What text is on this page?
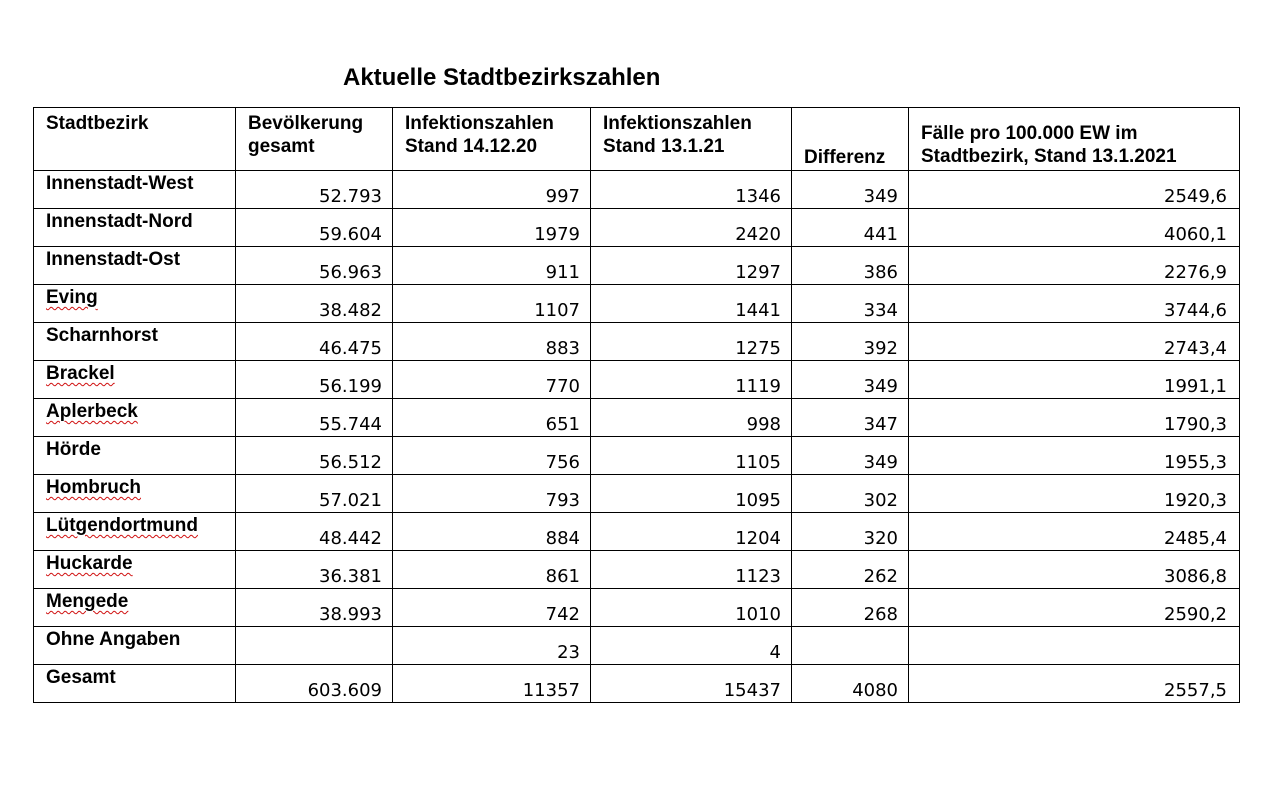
Aktuelle Stadtbezirkszahlen
Stadtbezirk	Bevölkerung gesamt	Infektionszahlen Stand 14.12.20	Infektionszahlen Stand 13.1.21	Differenz	Fälle pro 100.000 EW im Stadtbezirk, Stand 13.1.2021

Innenstadt-West	52.793	997	1346	349	2549,6

Innenstadt-Nord	59.604	1979	2420	441	4060,1

Innenstadt-Ost	56.963	911	1297	386	2276,9

Eving	38.482	1107	1441	334	3744,6

Scharnhorst	46.475	883	1275	392	2743,4

Brackel	56.199	770	1119	349	1991,1

Aplerbeck	55.744	651	998	347	1790,3

Hörde	56.512	756	1105	349	1955,3

Hombruch	57.021	793	1095	302	1920,3

Lütgendortmund	48.442	884	1204	320	2485,4

Huckarde	36.381	861	1123	262	3086,8

Mengede	38.993	742	1010	268	2590,2

Ohne Angaben		23	4		

Gesamt	603.609	11357	15437	4080	2557,5
